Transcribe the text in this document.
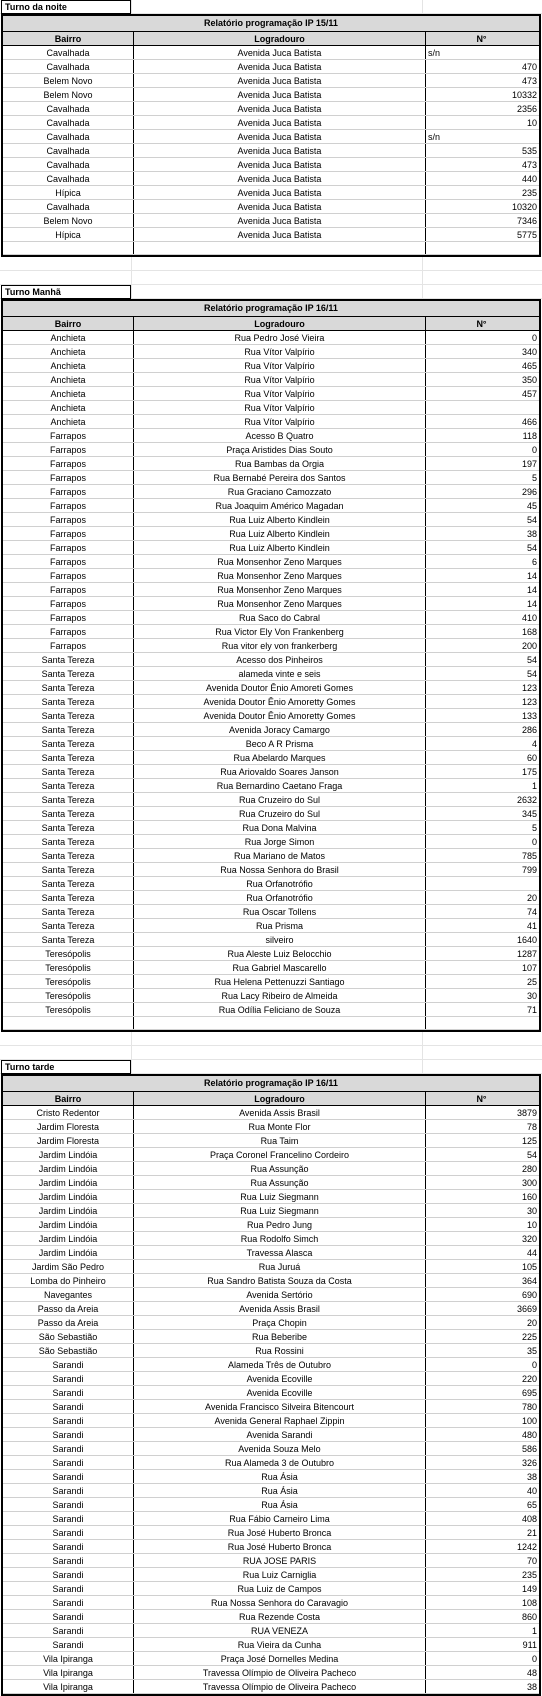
Turno da noite
Relatório programação IP 15/11
Bairro	Logradouro	N°
Cavalhada	Avenida Juca Batista	s/n
Cavalhada	Avenida Juca Batista	470
Belem Novo	Avenida Juca Batista	473
Belem Novo	Avenida Juca Batista	10332
Cavalhada	Avenida Juca Batista	2356
Cavalhada	Avenida Juca Batista	10
Cavalhada	Avenida Juca Batista	s/n
Cavalhada	Avenida Juca Batista	535
Cavalhada	Avenida Juca Batista	473
Cavalhada	Avenida Juca Batista	440
Hípica	Avenida Juca Batista	235
Cavalhada	Avenida Juca Batista	10320
Belem Novo	Avenida Juca Batista	7346
Hípica	Avenida Juca Batista	5775
Turno Manhã
Relatório programação IP 16/11
Bairro	Logradouro	N°
Anchieta	Rua Pedro José Vieira	0
Anchieta	Rua Vítor Valpírio	340
Anchieta	Rua Vítor Valpírio	465
Anchieta	Rua Vítor Valpírio	350
Anchieta	Rua Vítor Valpírio	457
Anchieta	Rua Vítor Valpírio
Anchieta	Rua Vítor Valpírio	466
Farrapos	Acesso B Quatro	118
Farrapos	Praça Aristides Dias Souto	0
Farrapos	Rua Bambas da Orgia	197
Farrapos	Rua Bernabé Pereira dos Santos	5
Farrapos	Rua Graciano Camozzato	296
Farrapos	Rua Joaquim Américo Magadan	45
Farrapos	Rua Luiz Alberto Kindlein	54
Farrapos	Rua Luiz Alberto Kindlein	38
Farrapos	Rua Luiz Alberto Kindlein	54
Farrapos	Rua Monsenhor Zeno Marques	6
Farrapos	Rua Monsenhor Zeno Marques	14
Farrapos	Rua Monsenhor Zeno Marques	14
Farrapos	Rua Monsenhor Zeno Marques	14
Farrapos	Rua Saco do Cabral	410
Farrapos	Rua Victor Ely Von Frankenberg	168
Farrapos	Rua vitor ely von frankerberg	200
Santa Tereza	Acesso dos Pinheiros	54
Santa Tereza	alameda vinte e seis	54
Santa Tereza	Avenida Doutor Ênio Amoreti Gomes	123
Santa Tereza	Avenida Doutor Ênio Amoretty Gomes	123
Santa Tereza	Avenida Doutor Ênio Amoretty Gomes	133
Santa Tereza	Avenida Joracy Camargo	286
Santa Tereza	Beco A R Prisma	4
Santa Tereza	Rua Abelardo Marques	60
Santa Tereza	Rua Ariovaldo Soares Janson	175
Santa Tereza	Rua Bernardino Caetano Fraga	1
Santa Tereza	Rua Cruzeiro do Sul	2632
Santa Tereza	Rua Cruzeiro do Sul	345
Santa Tereza	Rua Dona Malvina	5
Santa Tereza	Rua Jorge Simon	0
Santa Tereza	Rua Mariano de Matos	785
Santa Tereza	Rua Nossa Senhora do Brasil	799
Santa Tereza	Rua Orfanotrófio
Santa Tereza	Rua Orfanotrófio	20
Santa Tereza	Rua Oscar Tollens	74
Santa Tereza	Rua Prisma	41
Santa Tereza	silveiro	1640
Teresópolis	Rua Aleste Luiz Belocchio	1287
Teresópolis	Rua Gabriel Mascarello	107
Teresópolis	Rua Helena Pettenuzzi Santiago	25
Teresópolis	Rua Lacy Ribeiro de Almeida	30
Teresópolis	Rua Odília Feliciano de Souza	71
Turno tarde
Relatório programação IP 16/11
Bairro	Logradouro	N°
Cristo Redentor	Avenida Assis Brasil	3879
Jardim Floresta	Rua Monte Flor	78
Jardim Floresta	Rua Taim	125
Jardim Lindóia	Praça Coronel Francelino Cordeiro	54
Jardim Lindóia	Rua Assunção	280
Jardim Lindóia	Rua Assunção	300
Jardim Lindóia	Rua Luiz Siegmann	160
Jardim Lindóia	Rua Luiz Siegmann	30
Jardim Lindóia	Rua Pedro Jung	10
Jardim Lindóia	Rua Rodolfo Simch	320
Jardim Lindóia	Travessa Alasca	44
Jardim São Pedro	Rua Juruá	105
Lomba do Pinheiro	Rua Sandro Batista Souza da Costa	364
Navegantes	Avenida Sertório	690
Passo da Areia	Avenida Assis Brasil	3669
Passo da Areia	Praça Chopin	20
São Sebastião	Rua Beberibe	225
São Sebastião	Rua Rossini	35
Sarandi	Alameda Três de Outubro	0
Sarandi	Avenida Ecoville	220
Sarandi	Avenida Ecoville	695
Sarandi	Avenida Francisco Silveira Bitencourt	780
Sarandi	Avenida General Raphael Zippin	100
Sarandi	Avenida Sarandi	480
Sarandi	Avenida Souza Melo	586
Sarandi	Rua Alameda 3 de Outubro	326
Sarandi	Rua Ásia	38
Sarandi	Rua Ásia	40
Sarandi	Rua Ásia	65
Sarandi	Rua Fábio Carneiro Lima	408
Sarandi	Rua José Huberto Bronca	21
Sarandi	Rua José Huberto Bronca	1242
Sarandi	RUA JOSE PARIS	70
Sarandi	Rua Luiz Carniglia	235
Sarandi	Rua Luiz de Campos	149
Sarandi	Rua Nossa Senhora do Caravagio	108
Sarandi	Rua Rezende Costa	860
Sarandi	RUA VENEZA	1
Sarandi	Rua Vieira da Cunha	911
Vila Ipiranga	Praça José Dornelles Medina	0
Vila Ipiranga	Travessa Olímpio de Oliveira Pacheco	48
Vila Ipiranga	Travessa Olímpio de Oliveira Pacheco	38
